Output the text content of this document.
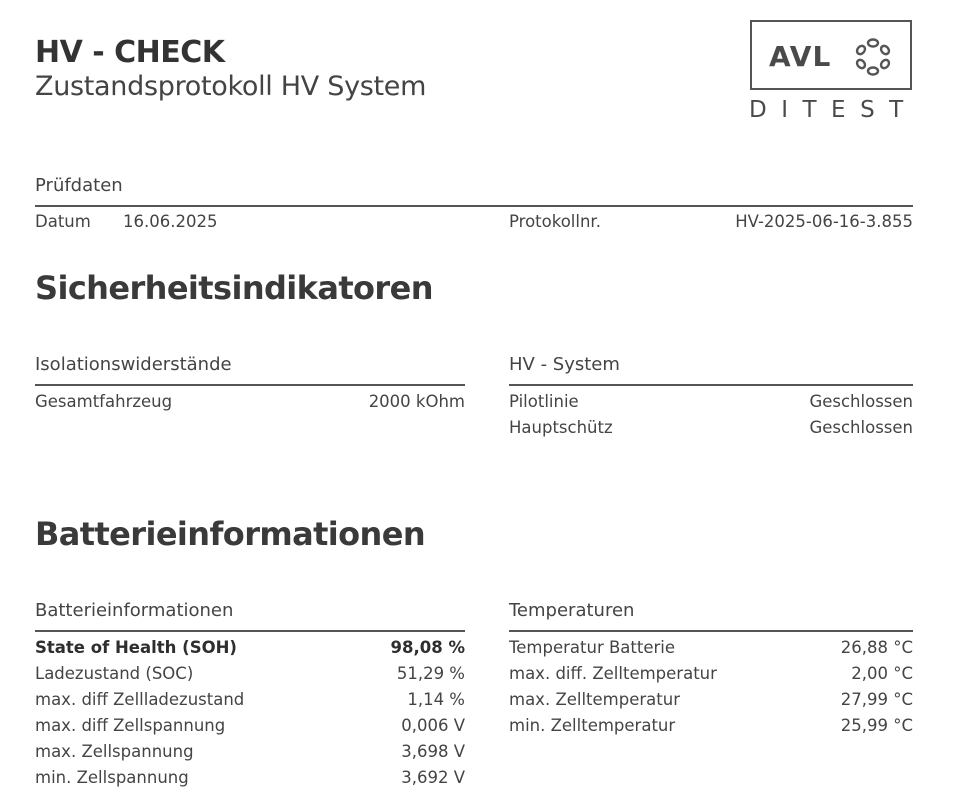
HV - CHECK
Zustandsprotokoll HV System
AVL
DITEST
Prüfdaten
Datum 16.06.2025	Protokollnr.	HV-2025-06-16-3.855
Sicherheitsindikatoren
Isolationswiderstände
Gesamtfahrzeug	2000 kOhm
HV - System
Pilotlinie	Geschlossen
Hauptschütz	Geschlossen
Batterieinformationen
Batterieinformationen
State of Health (SOH)	98,08 %
Ladezustand (SOC)	51,29 %
max. diff Zellladezustand	1,14 %
max. diff Zellspannung	0,006 V
max. Zellspannung	3,698 V
min. Zellspannung	3,692 V
Temperaturen
Temperatur Batterie	26,88 °C
max. diff. Zelltemperatur	2,00 °C
max. Zelltemperatur	27,99 °C
min. Zelltemperatur	25,99 °C
